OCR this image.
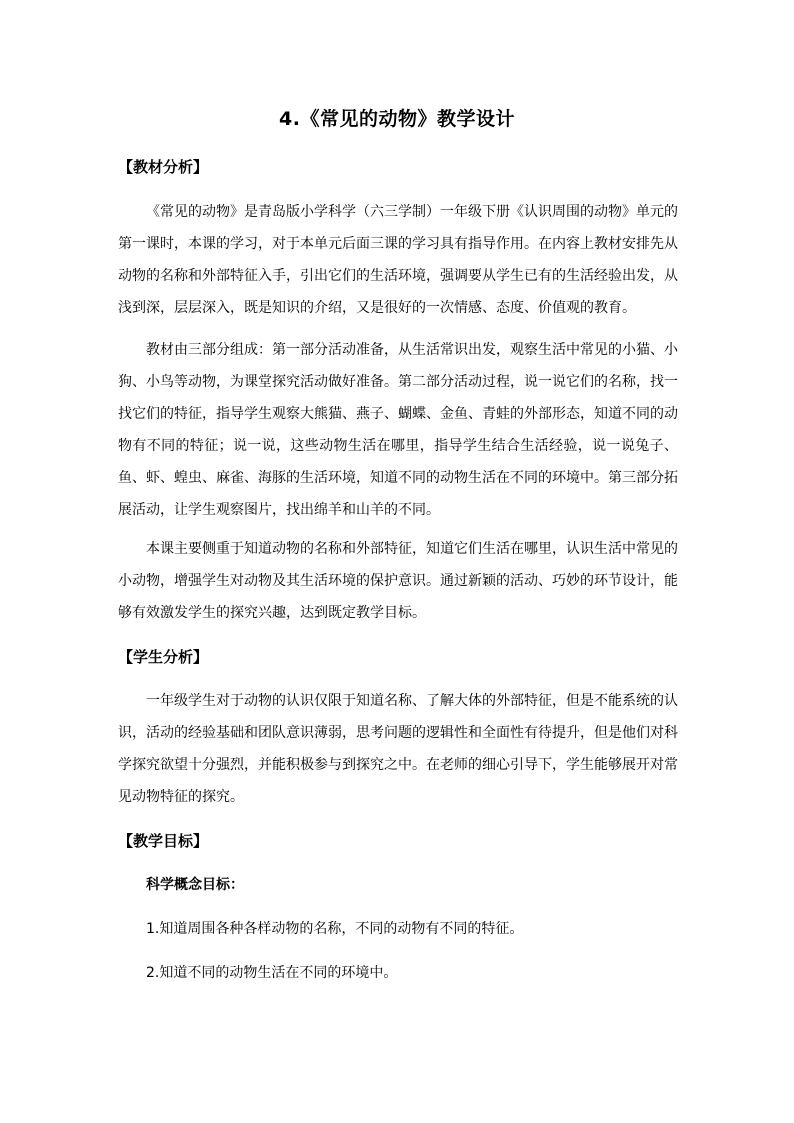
4.《常见的动物》教学设计
【教材分析】

《常见的动物》是青岛版小学科学（六三学制）一年级下册《认识周围的动物》单元的第一课时，本课的学习，对于本单元后面三课的学习具有指导作用。在内容上教材安排先从动物的名称和外部特征入手，引出它们的生活环境，强调要从学生已有的生活经验出发，从浅到深，层层深入，既是知识的介绍，又是很好的一次情感、态度、价值观的教育。

教材由三部分组成：第一部分活动准备，从生活常识出发，观察生活中常见的小猫、小狗、小鸟等动物，为课堂探究活动做好准备。第二部分活动过程，说一说它们的名称，找一找它们的特征，指导学生观察大熊猫、燕子、蝴蝶、金鱼、青蛙的外部形态，知道不同的动物有不同的特征；说一说，这些动物生活在哪里，指导学生结合生活经验，说一说兔子、鱼、虾、蝗虫、麻雀、海豚的生活环境，知道不同的动物生活在不同的环境中。第三部分拓展活动，让学生观察图片，找出绵羊和山羊的不同。

本课主要侧重于知道动物的名称和外部特征，知道它们生活在哪里，认识生活中常见的小动物，增强学生对动物及其生活环境的保护意识。通过新颖的活动、巧妙的环节设计，能够有效激发学生的探究兴趣，达到既定教学目标。

【学生分析】

一年级学生对于动物的认识仅限于知道名称、了解大体的外部特征，但是不能系统的认识，活动的经验基础和团队意识薄弱，思考问题的逻辑性和全面性有待提升，但是他们对科学探究欲望十分强烈，并能积极参与到探究之中。在老师的细心引导下，学生能够展开对常见动物特征的探究。

【教学目标】
科学概念目标：
1.知道周围各种各样动物的名称，不同的动物有不同的特征。
2.知道不同的动物生活在不同的环境中。
